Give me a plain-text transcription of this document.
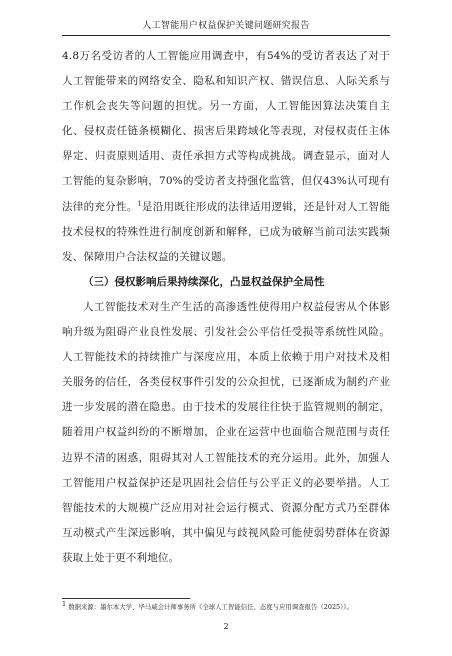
人工智能用户权益保护关键问题研究报告

4.8万名受访者的人工智能应用调查中，有54%的受访者表达了对于人工智能带来的网络安全、隐私和知识产权、错误信息、人际关系与工作机会丧失等问题的担忧。另一方面，人工智能因算法决策自主化、侵权责任链条模糊化、损害后果跨域化等表现，对侵权责任主体界定、归责原则适用、责任承担方式等构成挑战。调查显示，面对人工智能的复杂影响，70%的受访者支持强化监管，但仅43%认可现有法律的充分性。$^1$是沿用既往形成的法律适用逻辑，还是针对人工智能技术侵权的特殊性进行制度创新和解释，已成为破解当前司法实践频发、保障用户合法权益的关键议题。

（三）侵权影响后果持续深化，凸显权益保护全局性

人工智能技术对生产生活的高渗透性使得用户权益侵害从个体影响升级为阻碍产业良性发展、引发社会公平信任受损等系统性风险。人工智能技术的持续推广与深度应用，本质上依赖于用户对技术及相关服务的信任，各类侵权事件引发的公众担忧，已逐渐成为制约产业进一步发展的潜在隐患。由于技术的发展往往快于监管规则的制定，随着用户权益纠纷的不断增加，企业在运营中也面临合规范围与责任边界不清的困惑，阻碍其对人工智能技术的充分运用。此外，加强人工智能用户权益保护还是巩固社会信任与公平正义的必要举措。人工智能技术的大规模广泛应用对社会运行模式、资源分配方式乃至群体互动模式产生深远影响，其中偏见与歧视风险可能使弱势群体在资源获取上处于更不利地位。

$^1$ 数据来源：墨尔本大学、毕马威会计师事务所《全球人工智能信任、态度与应用调查报告（2025）》。
2
